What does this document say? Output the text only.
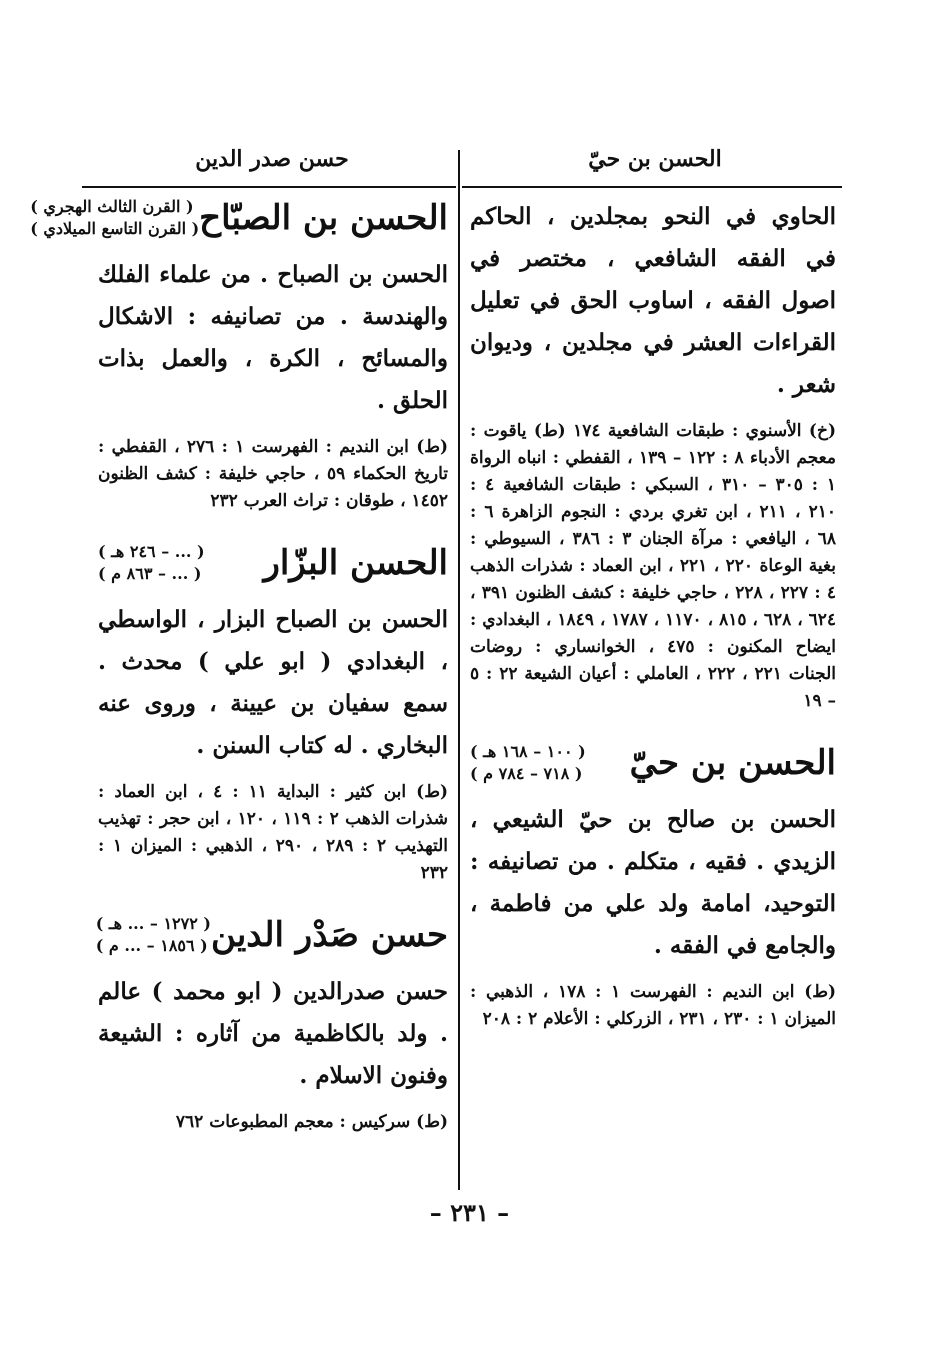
الحسن بن حيّ
حسن صدر الدين

الحاوي في النحو بمجلدين ، الحاكم في الفقه الشافعي ، مختصر في اصول الفقه ، اساوب الحق في تعليل القراءات العشر في مجلدين ، وديوان شعر .

(خ) الأسنوي : طبقات الشافعية ١٧٤ (ط) ياقوت : معجم الأدباء ٨ : ١٢٢ – ١٣٩ ، القفطي : انباه الرواة ١ : ٣٠٥ – ٣١٠ ، السبكي : طبقات الشافعية ٤ : ٢١٠ ، ٢١١ ، ابن تغري بردي : النجوم الزاهرة ٦ : ٦٨ ، اليافعي : مرآة الجنان ٣ : ٣٨٦ ، السيوطي : بغية الوعاة ٢٢٠ ، ٢٢١ ، ابن العماد : شذرات الذهب ٤ : ٢٢٧ ، ٢٢٨ ، حاجي خليفة : كشف الظنون ٣٩١ ، ٦٢٤ ، ٦٢٨ ، ٨١٥ ، ١١٧٠ ، ١٧٨٧ ، ١٨٤٩ ، البغدادي : ايضاح المكنون : ٤٧٥ ، الخوانساري : روضات الجنات ٢٢١ ، ٢٢٢ ، العاملي : أعيان الشيعة ٢٢ : ٥ – ١٩

الحسن بن حيّ
( ١٠٠ – ١٦٨ هـ )
( ٧١٨ – ٧٨٤ م )

الحسن بن صالح بن حيّ الشيعي ، الزيدي . فقيه ، متكلم . من تصانيفه : التوحيد، امامة ولد علي من فاطمة ، والجامع في الفقه .

(ط) ابن النديم : الفهرست ١ : ١٧٨ ، الذهبي : الميزان ١ : ٢٣٠ ، ٢٣١ ، الزركلي : الأعلام ٢ : ٢٠٨

الحسن بن الصبّاح
( القرن الثالث الهجري )
( القرن التاسع الميلادي )

الحسن بن الصباح . من علماء الفلك والهندسة . من تصانيفه : الاشكال والمسائح ، الكرة ، والعمل بذات الحلق .

(ط) ابن النديم : الفهرست ١ : ٢٧٦ ، القفطي : تاريخ الحكماء ٥٩ ، حاجي خليفة : كشف الظنون ١٤٥٢ ، طوقان : تراث العرب ٢٣٢

الحسن البزّار
( ... – ٢٤٦ هـ )
( ... – ٨٦٣ م )

الحسن بن الصباح البزار ، الواسطي ، البغدادي ( ابو علي ) محدث . سمع سفيان بن عيينة ، وروى عنه البخاري . له كتاب السنن .

(ط) ابن كثير : البداية ١١ : ٤ ، ابن العماد : شذرات الذهب ٢ : ١١٩ ، ١٢٠ ، ابن حجر : تهذيب التهذيب ٢ : ٢٨٩ ، ٢٩٠ ، الذهبي : الميزان ١ : ٢٣٢

حسن صَدْر الدين
( ١٢٧٢ – ... هـ )
( ١٨٥٦ – ... م )

حسن صدرالدين ( ابو محمد ) عالم . ولد بالكاظمية من آثاره : الشيعة وفنون الاسلام .

(ط) سركيس : معجم المطبوعات ٧٦٢

– ٢٣١ –
